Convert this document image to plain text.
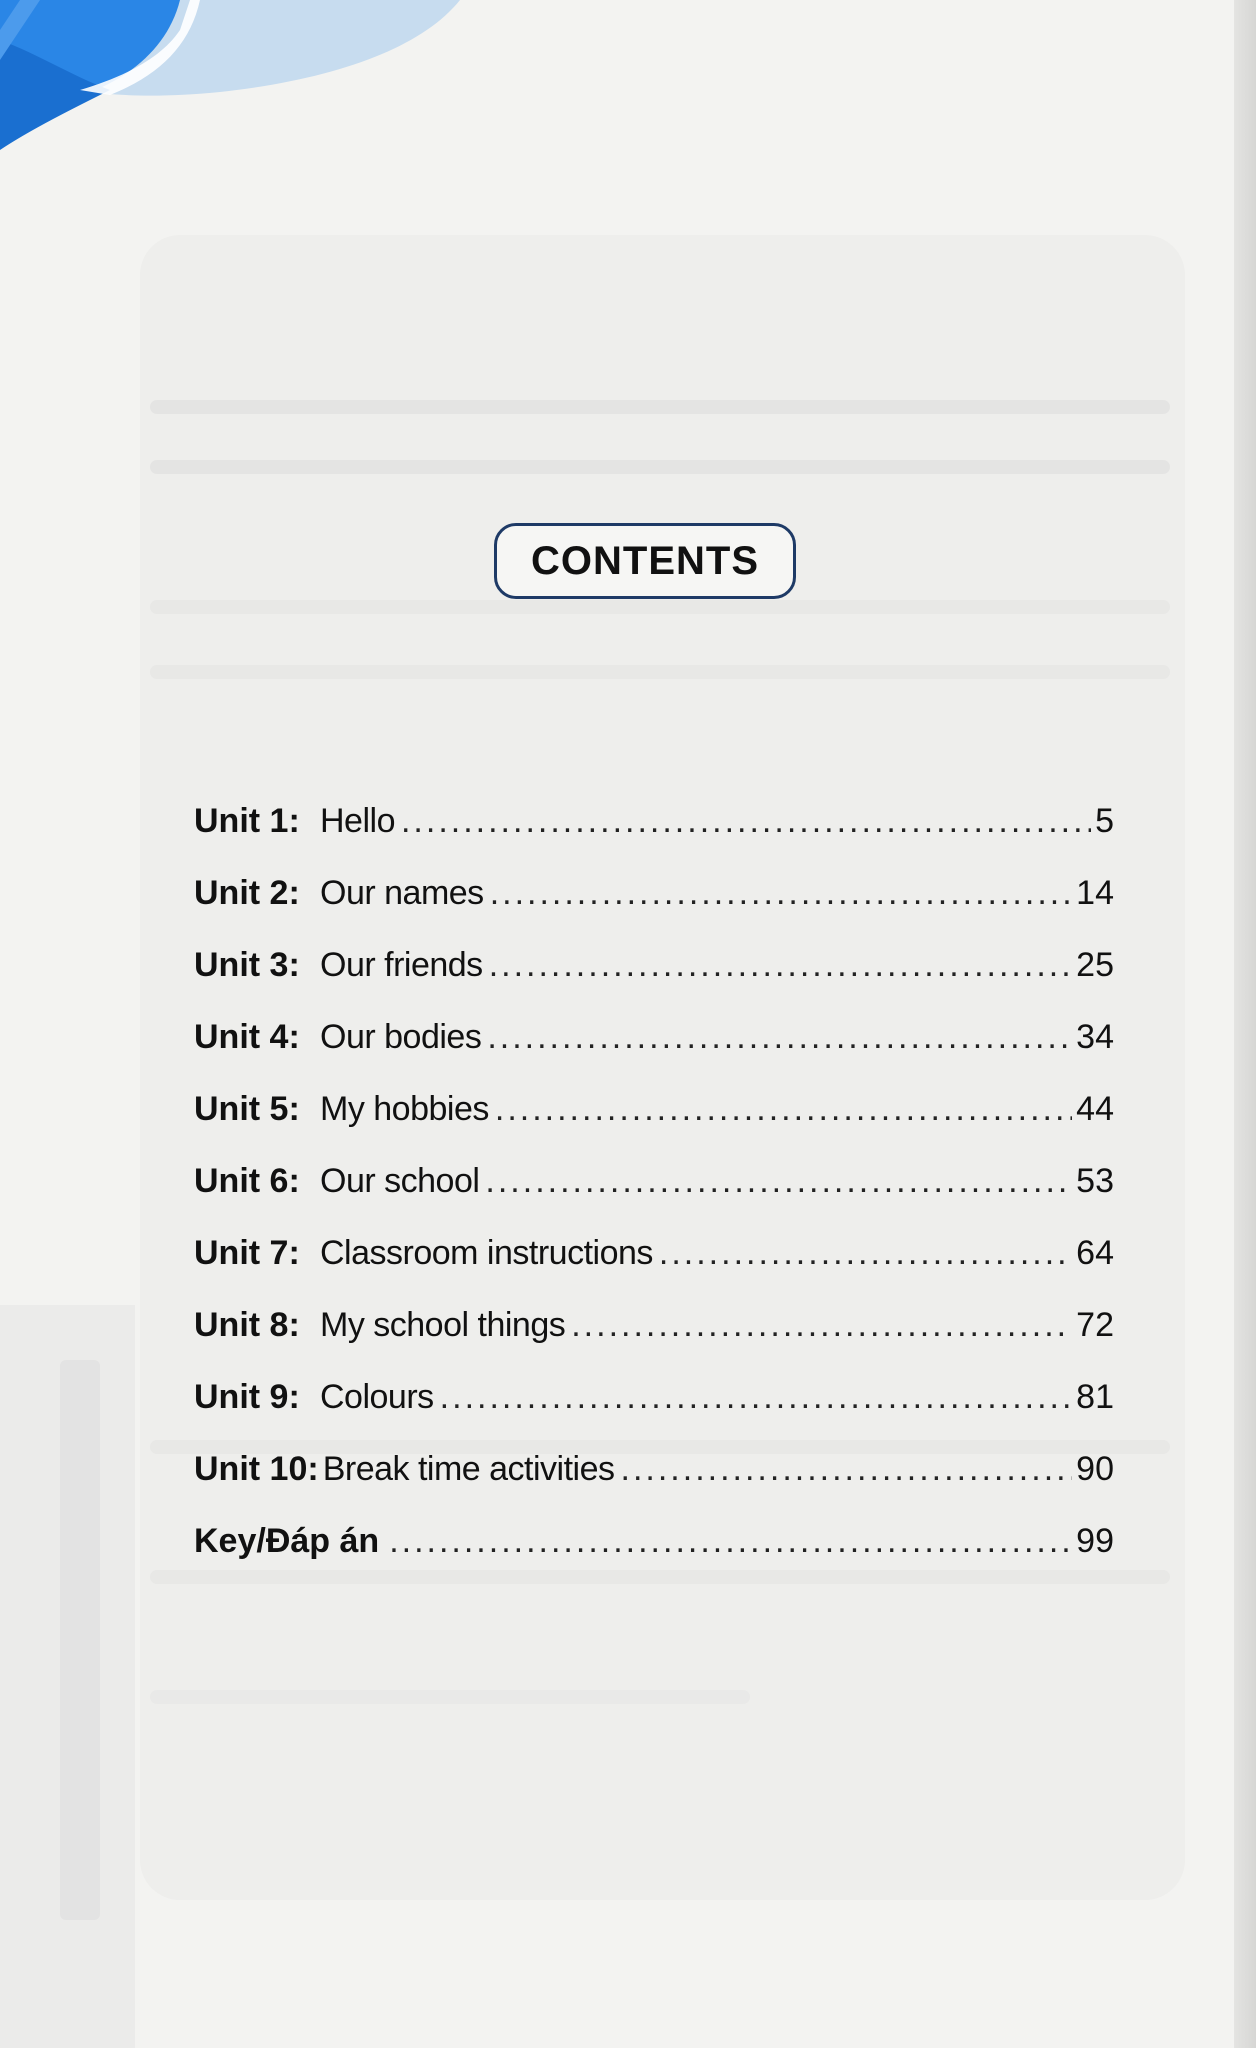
CONTENTS
Unit 1: Hello .....	5
Unit 2: Our names .....	14
Unit 3: Our friends .....	25
Unit 4: Our bodies .....	34
Unit 5: My hobbies .....	44
Unit 6: Our school .....	53
Unit 7: Classroom instructions .....	64
Unit 8: My school things .....	72
Unit 9: Colours .....	81
Unit 10: Break time activities .....	90
Key/Đáp án .....	99
